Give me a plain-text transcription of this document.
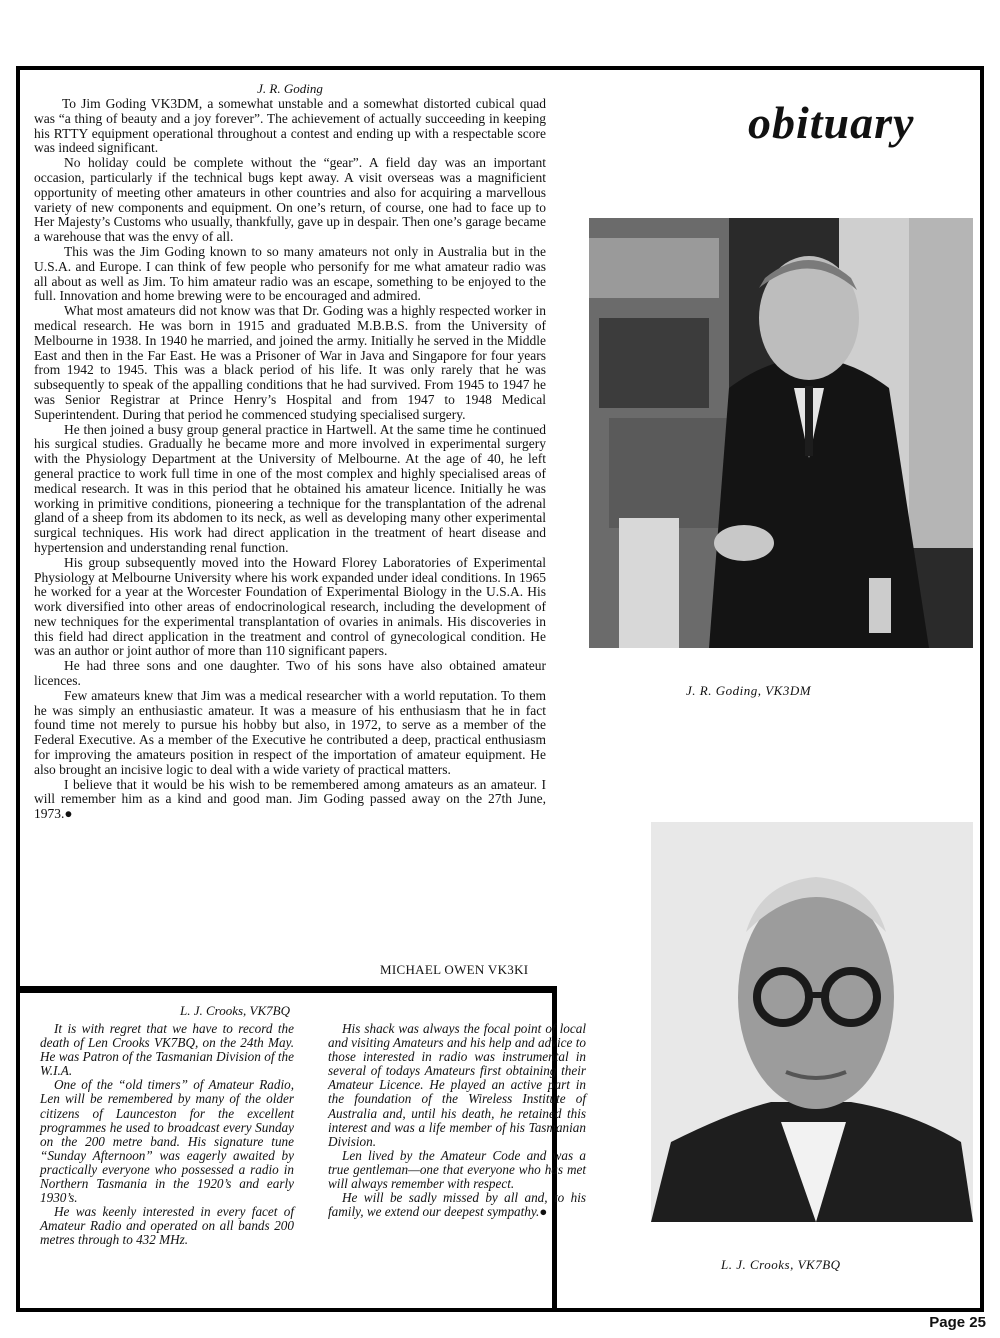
obituary
J. R. Goding

To Jim Goding VK3DM, a somewhat unstable and a somewhat distorted cubical quad was “a thing of beauty and a joy forever”. The achievement of actually succeeding in keeping his RTTY equipment operational throughout a contest and ending up with a respectable score was indeed significant.

No holiday could be complete without the “gear”. A field day was an important occasion, particularly if the technical bugs kept away. A visit overseas was a magnificient opportunity of meeting other amateurs in other countries and also for acquiring a marvellous variety of new components and equipment. On one’s return, of course, one had to face up to Her Majesty’s Customs who usually, thankfully, gave up in despair. Then one’s garage became a warehouse that was the envy of all.

This was the Jim Goding known to so many amateurs not only in Australia but in the U.S.A. and Europe. I can think of few people who personify for me what amateur radio was all about as well as Jim. To him amateur radio was an escape, something to be enjoyed to the full. Innovation and home brewing were to be encouraged and admired.

What most amateurs did not know was that Dr. Goding was a highly respected worker in medical research. He was born in 1915 and graduated M.B.B.S. from the University of Melbourne in 1938. In 1940 he married, and joined the army. Initially he served in the Middle East and then in the Far East. He was a Prisoner of War in Java and Singapore for four years from 1942 to 1945. This was a black period of his life. It was only rarely that he was subsequently to speak of the appalling conditions that he had survived. From 1945 to 1947 he was Senior Registrar at Prince Henry’s Hospital and from 1947 to 1948 Medical Superintendent. During that period he commenced studying specialised surgery.

He then joined a busy group general practice in Hartwell. At the same time he continued his surgical studies. Gradually he became more and more involved in experimental surgery with the Physiology Department at the University of Melbourne. At the age of 40, he left general practice to work full time in one of the most complex and highly specialised areas of medical research. It was in this period that he obtained his amateur licence. Initially he was working in primitive conditions, pioneering a technique for the transplantation of the adrenal gland of a sheep from its abdomen to its neck, as well as developing many other experimental surgical techniques. His work had direct application in the treatment of heart disease and hypertension and understanding renal function.

His group subsequently moved into the Howard Florey Laboratories of Experimental Physiology at Melbourne University where his work expanded under ideal conditions. In 1965 he worked for a year at the Worcester Foundation of Experimental Biology in the U.S.A. His work diversified into other areas of endocrinological research, including the development of new techniques for the experimental transplantation of ovaries in animals. His discoveries in this field had direct application in the treatment and control of gynecological condition. He was an author or joint author of more than 110 significant papers.

He had three sons and one daughter. Two of his sons have also obtained amateur licences.

Few amateurs knew that Jim was a medical researcher with a world reputation. To them he was simply an enthusiastic amateur. It was a measure of his enthusiasm that he in fact found time not merely to pursue his hobby but also, in 1972, to serve as a member of the Federal Executive. As a member of the Executive he contributed a deep, practical enthusiasm for improving the amateurs position in respect of the importation of amateur equipment. He also brought an incisive logic to deal with a wide variety of practical matters.

I believe that it would be his wish to be remembered among amateurs as an amateur. I will remember him as a kind and good man. Jim Goding passed away on the 27th June, 1973.●

MICHAEL OWEN VK3KI
J. R. Goding, VK3DM
L. J. Crooks, VK7BQ

It is with regret that we have to record the death of Len Crooks VK7BQ, on the 24th May. He was Patron of the Tasmanian Division of the W.I.A.

One of the “old timers” of Amateur Radio, Len will be remembered by many of the older citizens of Launceston for the excellent programmes he used to broadcast every Sunday on the 200 metre band. His signature tune “Sunday Afternoon” was eagerly awaited by practically everyone who possessed a radio in Northern Tasmania in the 1920’s and early 1930’s.

He was keenly interested in every facet of Amateur Radio and operated on all bands 200 metres through to 432 MHz.

His shack was always the focal point of local and visiting Amateurs and his help and advice to those interested in radio was instrumental in several of todays Amateurs first obtaining their Amateur Licence. He played an active part in the foundation of the Wireless Institute of Australia and, until his death, he retained this interest and was a life member of his Tasmanian Division.

Len lived by the Amateur Code and was a true gentleman—one that everyone who has met will always remember with respect.

He will be sadly missed by all and, to his family, we extend our deepest sympathy.●

L. J. Crooks, VK7BQ
Page 25
